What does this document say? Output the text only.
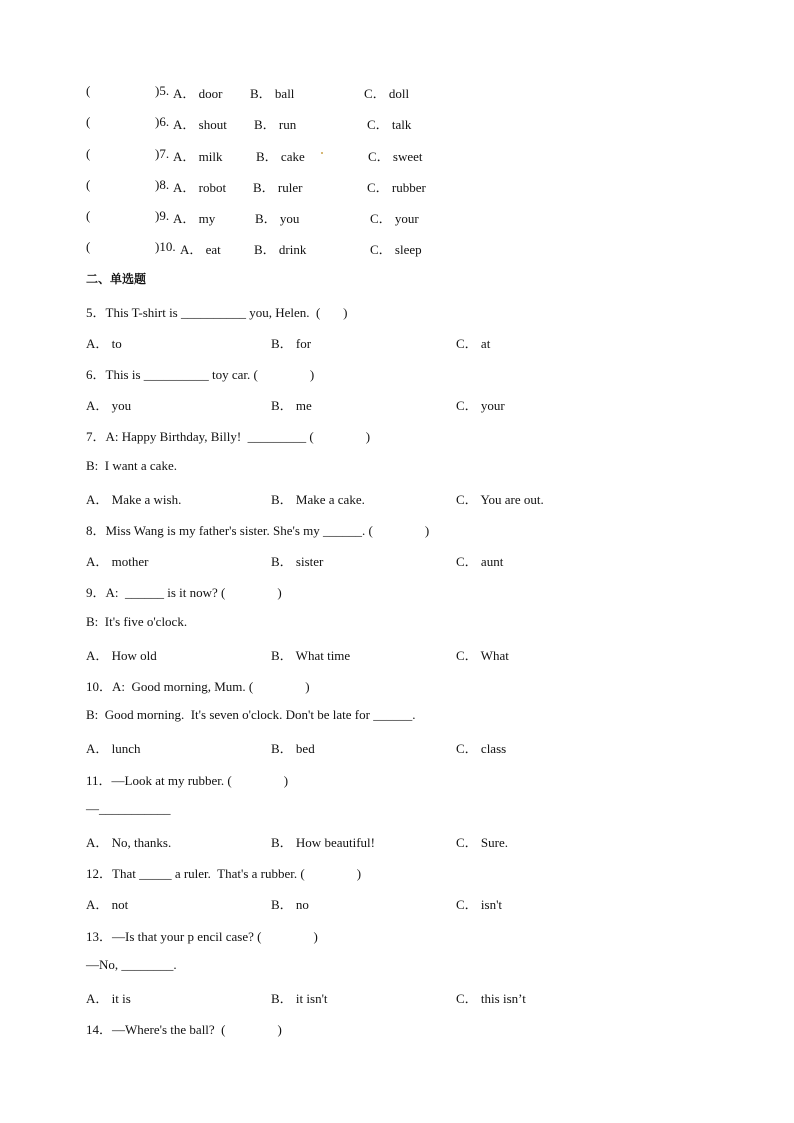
(	)5. A． door B． ball	C． doll
(	)6. A． shout B． run	C． talk
(	)7. A． milk	B． cake	C． sweet
(	)8. A． robot B． ruler	C． rubber
(	)9. A． my	B． you	C． your
(	)10. A． eat	B． drink	C． sleep
二、单选题
5．This T-shirt is __________ you, Helen.  (       )
A． to	B． for	C． at
6．This is __________ toy car. (                )
A． you	B． me	C． your
7．A: Happy Birthday, Billy!  _________ (                )
B:  I want a cake.
A． Make a wish.	B． Make a cake.	C． You are out.
8．Miss Wang is my father's sister. She's my ______. (                )
A． mother	B． sister	C． aunt
9．A:  ______ is it now? (                )
B:  It's five o'clock.
A． How old	B． What time	C． What
10．A:  Good morning, Mum. (                )
B:  Good morning.  It's seven o'clock. Don't be late for ______.
A． lunch	B． bed	C． class
11．—Look at my rubber. (                )
—___________
A． No, thanks.	B． How beautiful!	C． Sure.
12．That _____ a ruler.  That's a rubber. (                )
A． not	B． no	C． isn't
13．—Is that your p encil case? (                )
—No, ________.
A． it is	B． it isn't	C． this isn’t
14．—Where's the ball?  (                )
